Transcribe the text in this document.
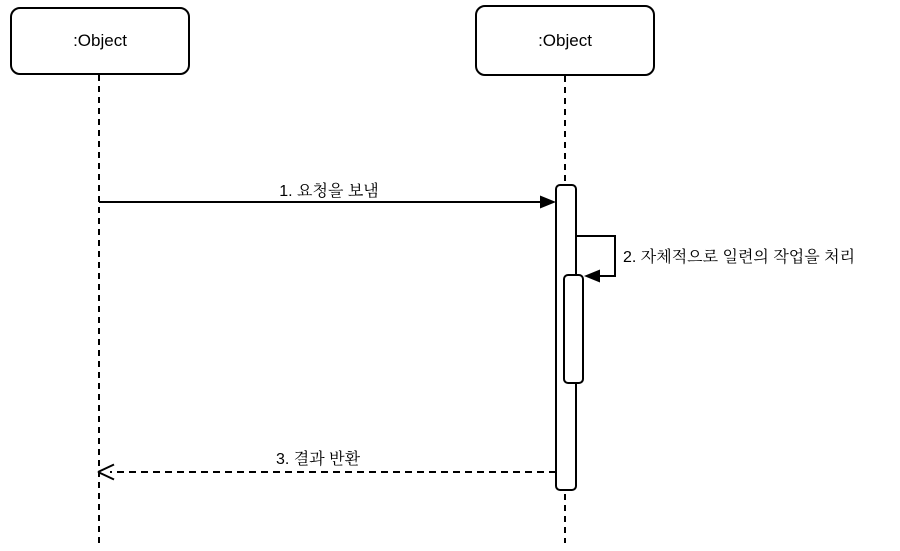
:Object	:Object
1. 요청을 보냄
2. 자체적으로 일련의 작업을 처리
3. 결과 반환
